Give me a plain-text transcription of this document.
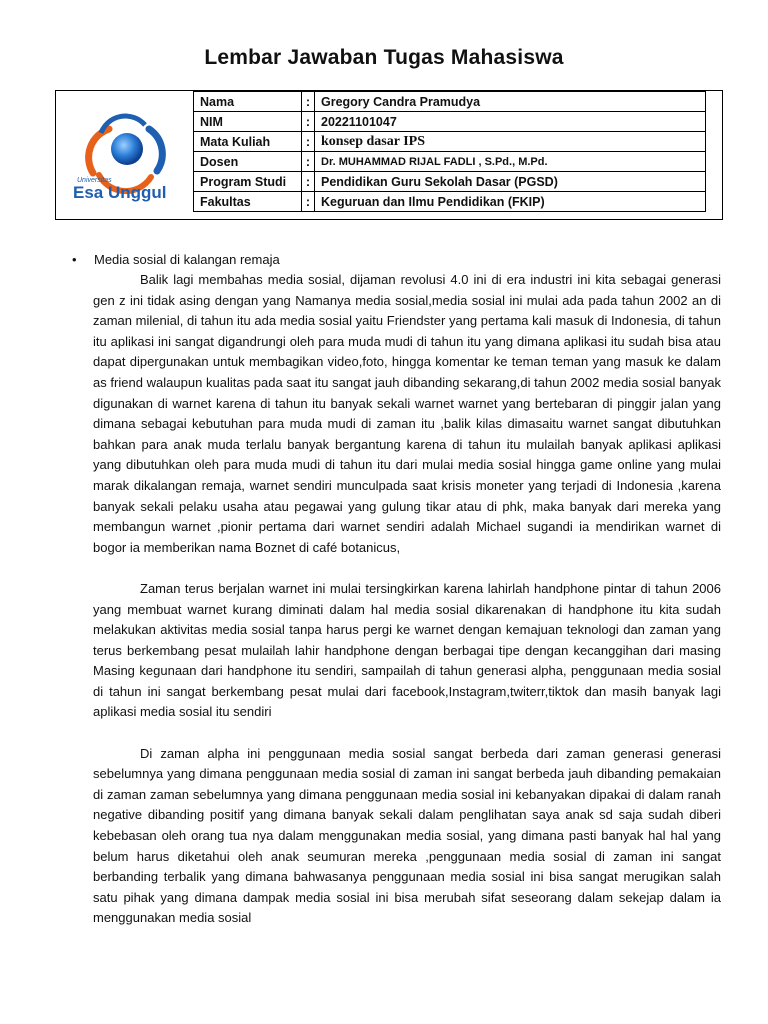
Lembar Jawaban Tugas Mahasiswa
Universitas
Esa Unggul
Nama	:	Gregory Candra Pramudya
NIM	:	20221101047
Mata Kuliah	:	konsep dasar IPS
Dosen	:	Dr. MUHAMMAD RIJAL FADLI , S.Pd., M.Pd.
Program Studi	:	Pendidikan Guru Sekolah Dasar (PGSD)
Fakultas	:	Keguruan dan Ilmu Pendidikan (FKIP)
• Media sosial di kalangan remaja

Balik lagi membahas media sosial, dijaman revolusi 4.0 ini di era industri ini kita sebagai generasi gen z ini tidak asing dengan yang Namanya media sosial,media sosial ini mulai ada pada tahun 2002 an di zaman milenial, di tahun itu ada media sosial yaitu Friendster yang pertama kali masuk di Indonesia, di tahun itu aplikasi ini sangat digandrungi oleh para muda mudi di tahun itu yang dimana aplikasi itu sudah bisa atau dapat dipergunakan untuk membagikan video,foto, hingga komentar ke teman teman yang masuk ke dalam as friend walaupun kualitas pada saat itu sangat jauh dibanding sekarang,di tahun 2002 media sosial banyak digunakan di warnet karena di tahun itu banyak sekali warnet warnet yang bertebaran di pinggir jalan yang dimana sebagai kebutuhan para muda mudi di zaman itu ,balik kilas dimasaitu warnet sangat dibutuhkan bahkan para anak muda terlalu banyak bergantung karena di tahun itu mulailah banyak aplikasi aplikasi yang dibutuhkan oleh para muda mudi di tahun itu dari mulai media sosial hingga game online yang mulai marak dikalangan remaja, warnet sendiri munculpada saat krisis moneter yang terjadi di Indonesia ,karena banyak sekali pelaku usaha atau pegawai yang gulung tikar atau di phk, maka banyak dari mereka yang membangun warnet ,pionir pertama dari warnet sendiri adalah Michael sugandi ia mendirikan warnet di bogor ia memberikan nama Boznet di café botanicus,

Zaman terus berjalan warnet ini mulai tersingkirkan karena lahirlah handphone pintar di tahun 2006 yang membuat warnet kurang diminati dalam hal media sosial dikarenakan di handphone itu kita sudah melakukan aktivitas media sosial tanpa harus pergi ke warnet dengan kemajuan teknologi dan zaman yang terus berkembang pesat mulailah lahir handphone dengan berbagai tipe dengan kecanggihan dari masing Masing kegunaan dari handphone itu sendiri, sampailah di tahun generasi alpha, penggunaan media sosial di tahun ini sangat berkembang pesat mulai dari facebook,Instagram,twiterr,tiktok dan masih banyak lagi aplikasi media sosial itu sendiri

Di zaman alpha ini penggunaan media sosial sangat berbeda dari zaman generasi generasi sebelumnya yang dimana penggunaan media sosial di zaman ini sangat berbeda jauh dibanding pemakaian di zaman zaman sebelumnya yang dimana penggunaan media sosial ini kebanyakan dipakai di dalam ranah negative dibanding positif yang dimana banyak sekali dalam penglihatan saya anak sd saja sudah diberi kebebasan oleh orang tua nya dalam menggunakan media sosial, yang dimana pasti banyak hal hal yang belum harus diketahui oleh anak seumuran mereka ,penggunaan media sosial di zaman ini sangat berbanding terbalik yang dimana bahwasanya penggunaan media sosial ini bisa sangat merugikan salah satu pihak yang dimana dampak media sosial ini bisa merubah sifat seseorang dalam sekejap dalam ia menggunakan media sosial
